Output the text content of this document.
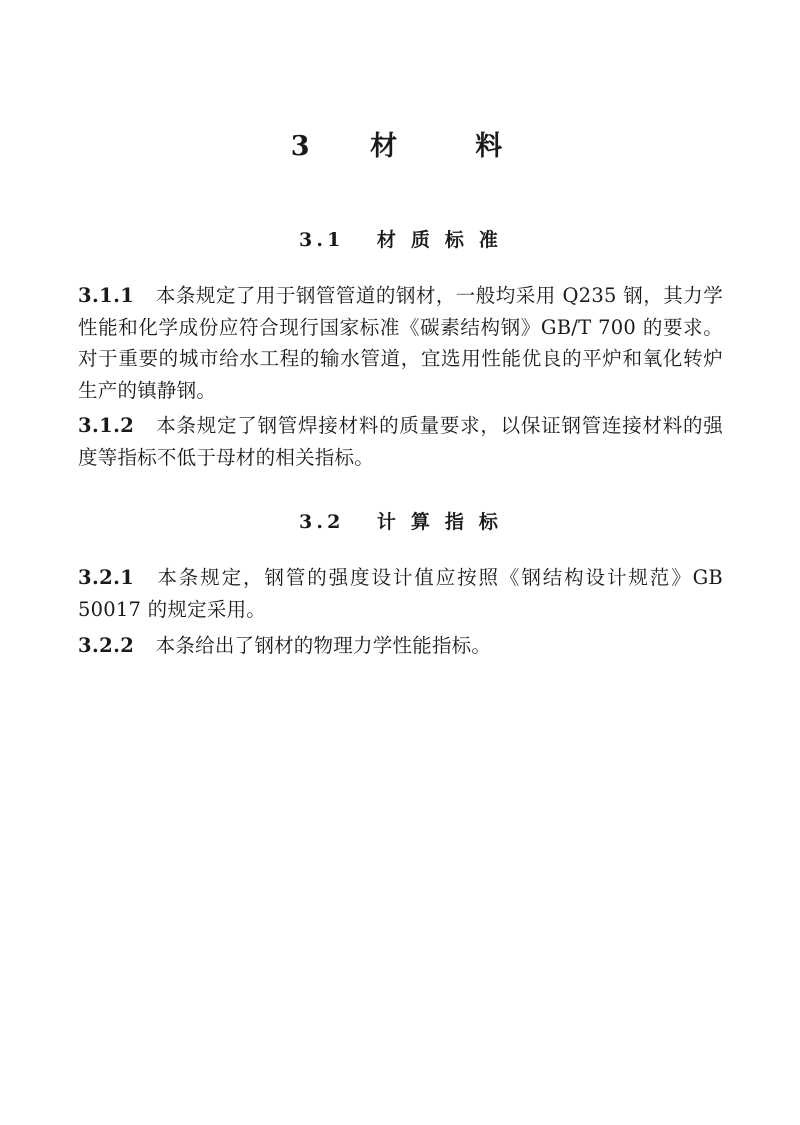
3   材    料
3.1   材 质 标 准

3.1.1 本条规定了用于钢管管道的钢材，一般均采用 Q235 钢，其力学性能和化学成份应符合现行国家标准《碳素结构钢》GB/T 700 的要求。对于重要的城市给水工程的输水管道，宜选用性能优良的平炉和氧化转炉生产的镇静钢。

3.1.2 本条规定了钢管焊接材料的质量要求，以保证钢管连接材料的强度等指标不低于母材的相关指标。

3.2   计 算 指 标

3.2.1 本条规定，钢管的强度设计值应按照《钢结构设计规范》GB 50017 的规定采用。

3.2.2 本条给出了钢材的物理力学性能指标。
